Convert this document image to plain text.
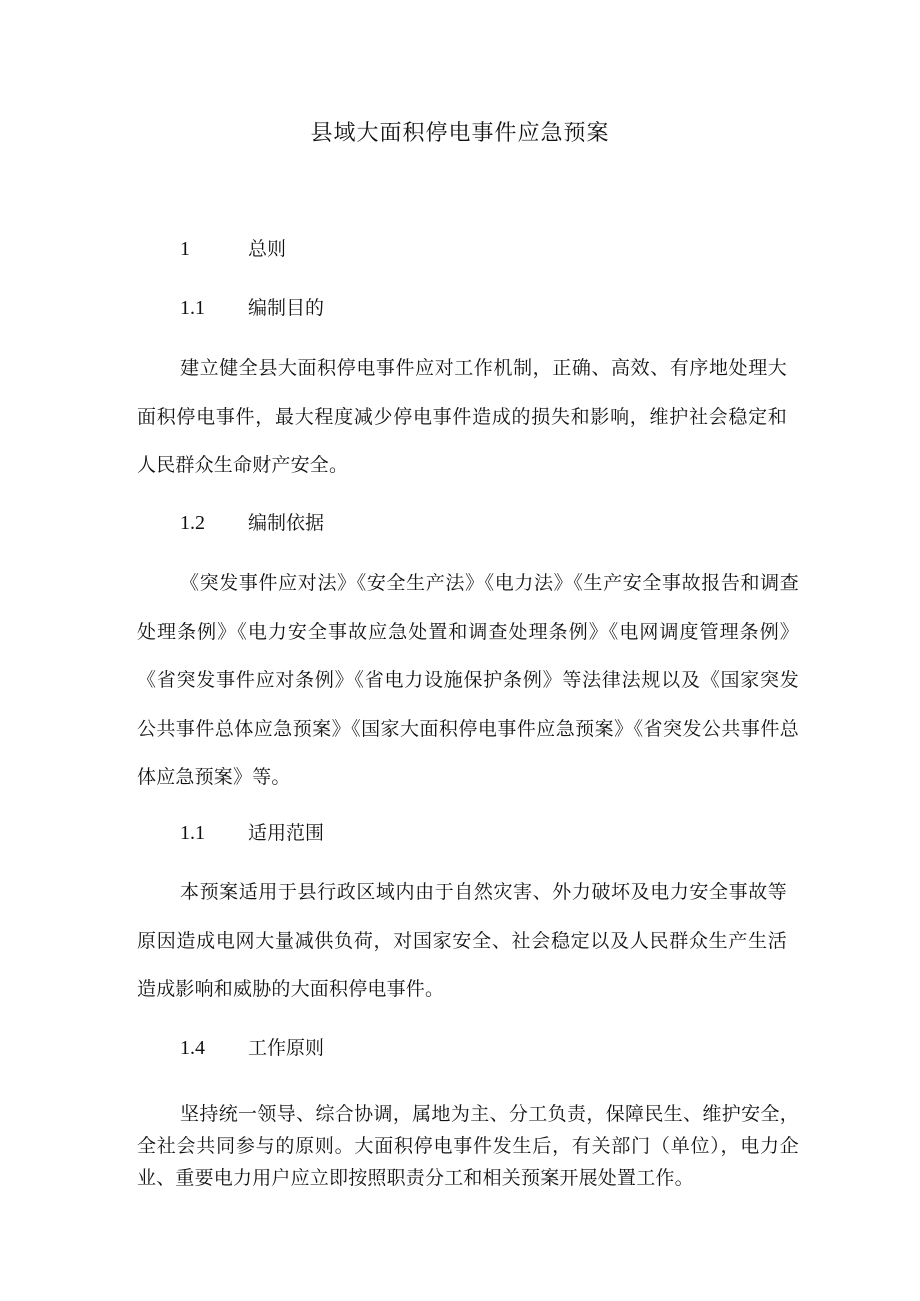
县域大面积停电事件应急预案
1	总则
1.1 编制目的
建立健全县大面积停电事件应对工作机制，正确、高效、有序地处理大面积停电事件，最大程度减少停电事件造成的损失和影响，维护社会稳定和人民群众生命财产安全。
1.2 编制依据
《突发事件应对法》《安全生产法》《电力法》《生产安全事故报告和调查处理条例》《电力安全事故应急处置和调查处理条例》《电网调度管理条例》《省突发事件应对条例》《省电力设施保护条例》等法律法规以及《国家突发公共事件总体应急预案》《国家大面积停电事件应急预案》《省突发公共事件总体应急预案》等。
1.1 适用范围
本预案适用于县行政区域内由于自然灾害、外力破坏及电力安全事故等原因造成电网大量减供负荷，对国家安全、社会稳定以及人民群众生产生活造成影响和威胁的大面积停电事件。
1.4 工作原则
坚持统一领导、综合协调，属地为主、分工负责，保障民生、维护安全，全社会共同参与的原则。大面积停电事件发生后，有关部门（单位），电力企业、重要电力用户应立即按照职责分工和相关预案开展处置工作。
